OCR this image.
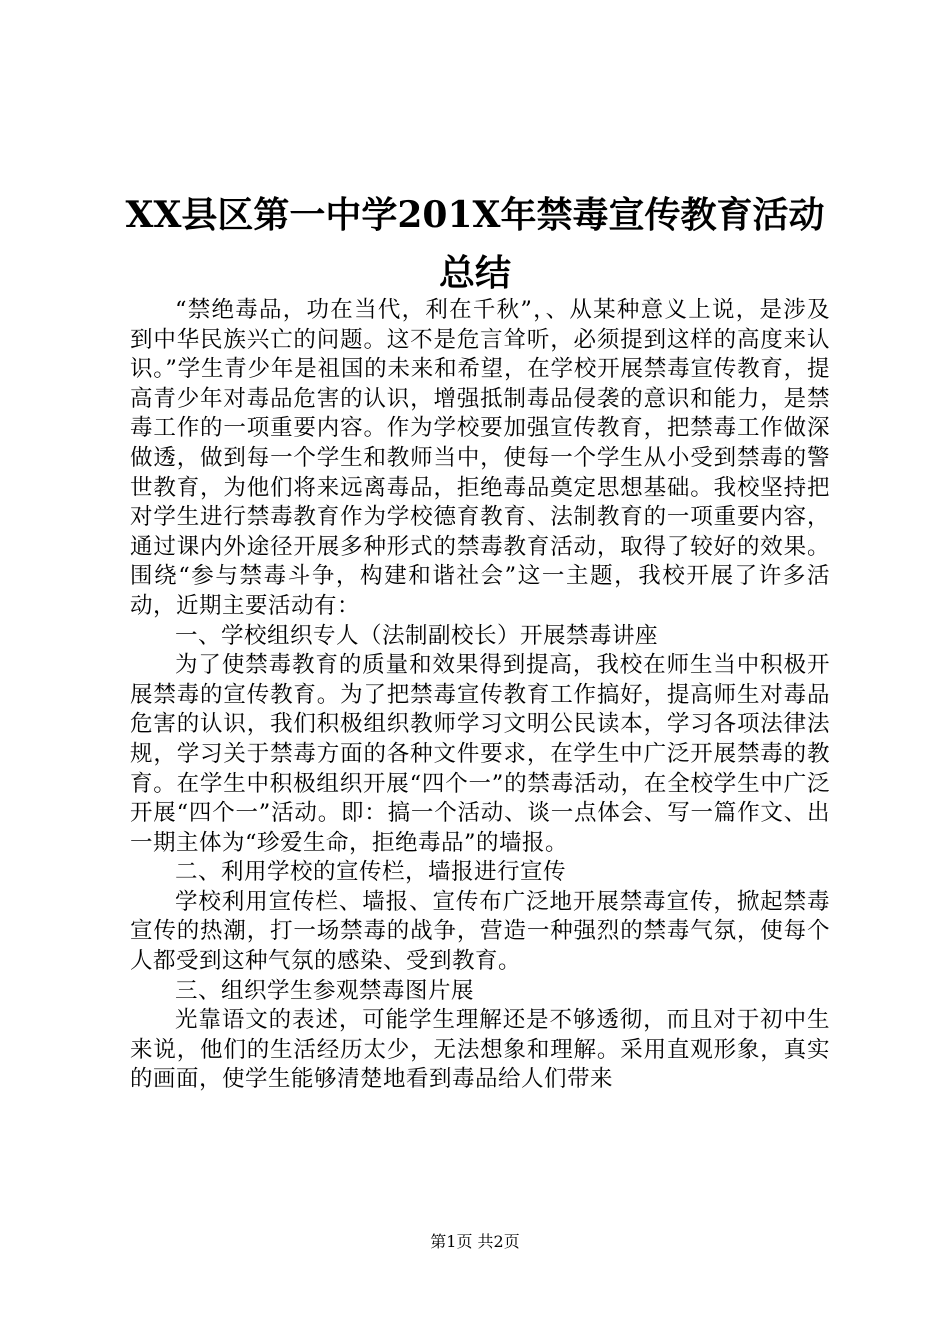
XX县区第一中学201X年禁毒宣传教育活动总结

“禁绝毒品，功在当代，利在千秋”，、从某种意义上说，是涉及到中华民族兴亡的问题。这不是危言耸听，必须提到这样的高度来认识。”学生青少年是祖国的未来和希望，在学校开展禁毒宣传教育，提高青少年对毒品危害的认识，增强抵制毒品侵袭的意识和能力，是禁毒工作的一项重要内容。作为学校要加强宣传教育，把禁毒工作做深做透，做到每一个学生和教师当中，使每一个学生从小受到禁毒的警世教育，为他们将来远离毒品，拒绝毒品奠定思想基础。我校坚持把对学生进行禁毒教育作为学校德育教育、法制教育的一项重要内容，通过课内外途径开展多种形式的禁毒教育活动，取得了较好的效果。围绕“参与禁毒斗争，构建和谐社会”这一主题，我校开展了许多活动，近期主要活动有：

一、学校组织专人（法制副校长）开展禁毒讲座

为了使禁毒教育的质量和效果得到提高，我校在师生当中积极开展禁毒的宣传教育。为了把禁毒宣传教育工作搞好，提高师生对毒品危害的认识，我们积极组织教师学习文明公民读本，学习各项法律法规，学习关于禁毒方面的各种文件要求，在学生中广泛开展禁毒的教育。在学生中积极组织开展“四个一”的禁毒活动，在全校学生中广泛开展“四个一”活动。即：搞一个活动、谈一点体会、写一篇作文、出一期主体为“珍爱生命，拒绝毒品”的墙报。

二、利用学校的宣传栏，墙报进行宣传

学校利用宣传栏、墙报、宣传布广泛地开展禁毒宣传，掀起禁毒宣传的热潮，打一场禁毒的战争，营造一种强烈的禁毒气氛，使每个人都受到这种气氛的感染、受到教育。

三、组织学生参观禁毒图片展

光靠语文的表述，可能学生理解还是不够透彻，而且对于初中生来说，他们的生活经历太少，无法想象和理解。采用直观形象，真实的画面，使学生能够清楚地看到毒品给人们带来

第1页 共2页
